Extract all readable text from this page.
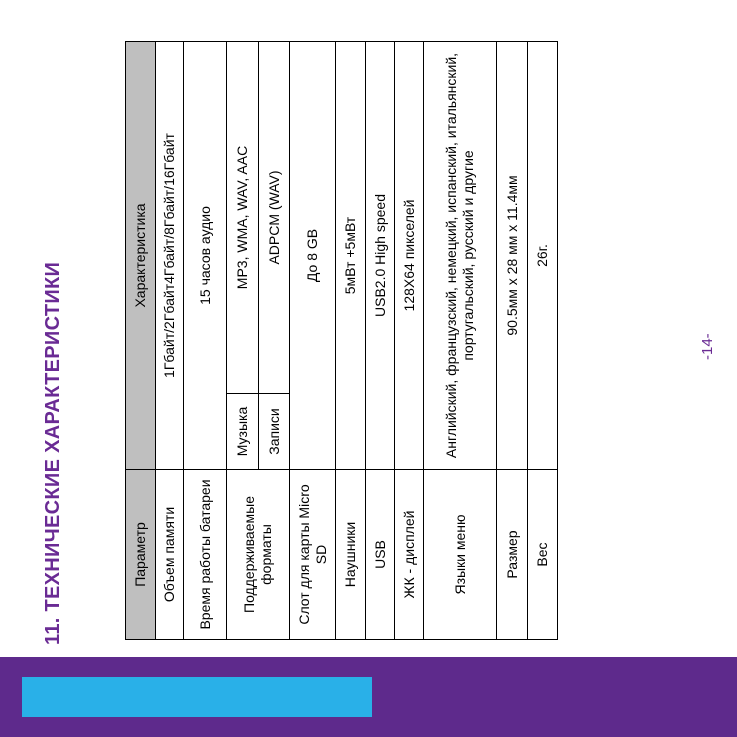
11. ТЕХНИЧЕСКИЕ ХАРАКТЕРИСТИКИ	Параметр	Характеристика	
Объем памяти	1Гбайт/2Гбайт4Гбайт/8Гбайт/16Гбайт	
Время работы батареи	15 часов аудио	
Поддерживаемые форматы	Музыка	MP3, WMA, WAV, AAC
	Записи	ADPCM (WAV)
Слот для карты Micro SD	До 8 GB	
Наушники	5мВт +5мВт	
USB	USB2.0 High speed	
ЖК - дисплей	128X64 пикселей	
Языки меню	Английский, французский, немецкий, испанский, итальянский, португальский, русский и другие	
Размер	90.5мм x 28 мм x 11.4мм	
Вес	26г.	
-14-
